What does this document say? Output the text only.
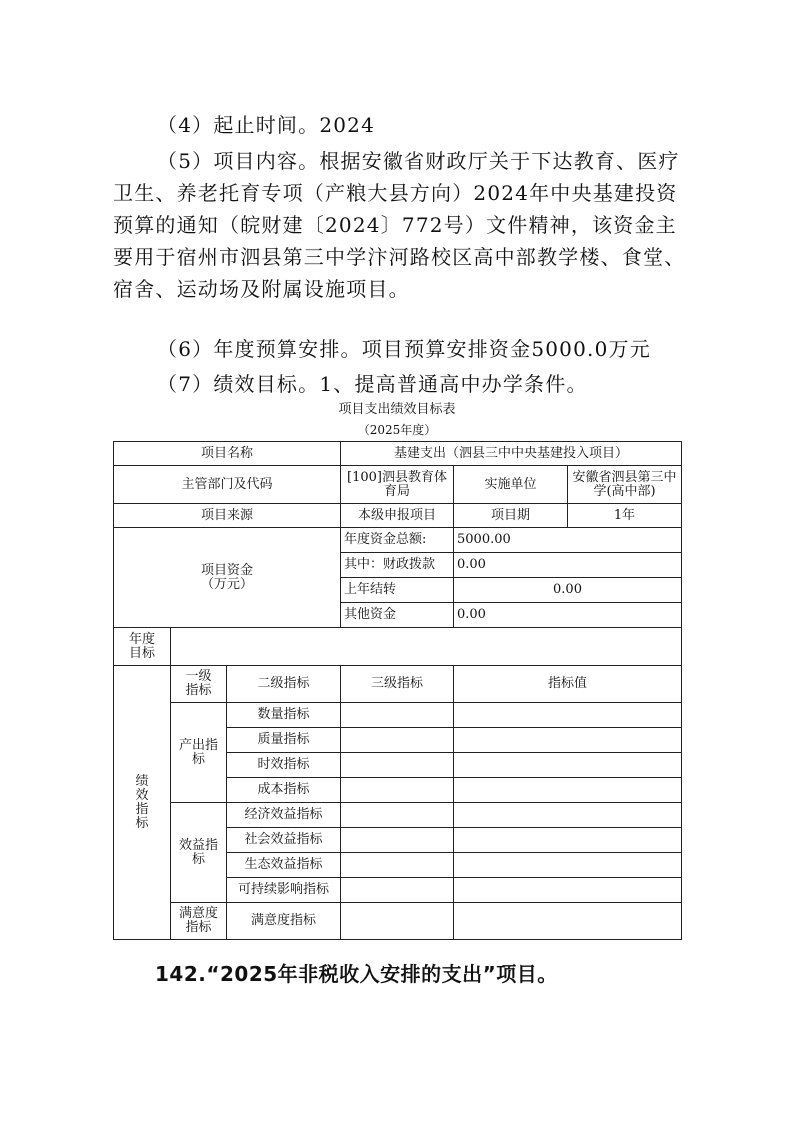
（4）起止时间。2024

（5）项目内容。根据安徽省财政厅关于下达教育、医疗卫生、养老托育专项（产粮大县方向）2024年中央基建投资预算的通知（皖财建〔2024〕772号）文件精神，该资金主要用于宿州市泗县第三中学汴河路校区高中部教学楼、食堂、宿舍、运动场及附属设施项目。

（6）年度预算安排。项目预算安排资金5000.0万元

（7）绩效目标。1、提高普通高中办学条件。

项目支出绩效目标表

（2025年度）

项目名称			基建支出（泗县三中中央基建投入项目）		
主管部门及代码			[100]泗县教育体育局	实施单位	安徽省泗县第三中学(高中部)
项目来源			本级申报项目	项目期	1年
项目资金（万元）			年度资金总额:	5000.00	
			其中：财政拨款	0.00	
			上年结转	0.00	
			其他资金	0.00	
年度目标					
绩效指标	一级指标	二级指标	三级指标	指标值	
	产出指标	数量指标			
		质量指标			
		时效指标			
		成本指标			
	效益指标	经济效益指标			
		社会效益指标			
		生态效益指标			
		可持续影响指标			
	满意度指标	满意度指标			

142.“2025年非税收入安排的支出”项目。
